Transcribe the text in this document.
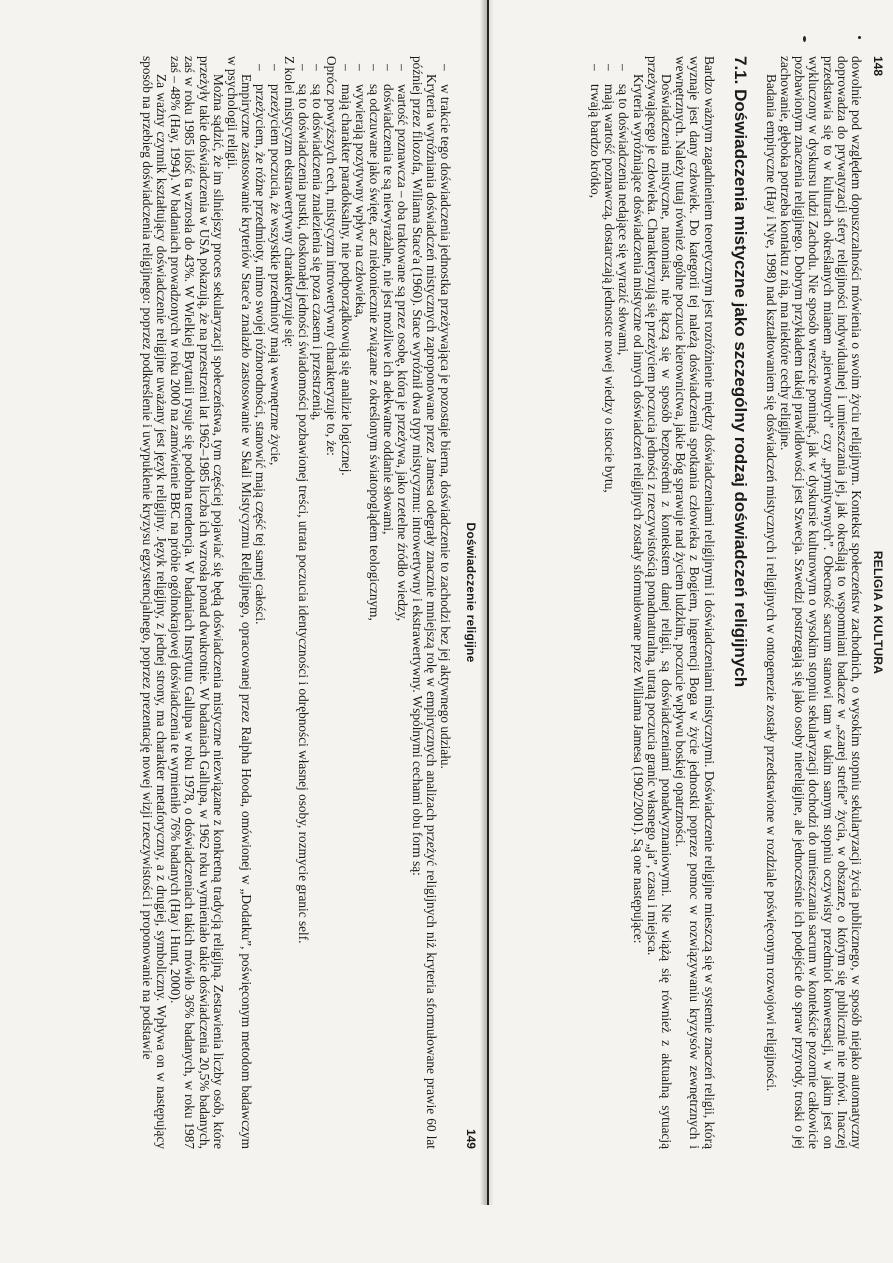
148
RELIGIA A KULTURA

dowolnie pod względem dopuszczalności mówienia o swoim życiu religijnym. Kontekst społeczeństw zachodnich, o wysokim stopniu sekularyzacji życia publicznego, w sposób niejako automatyczny doprowadza do prywatyzacji sfery religijności indywidualnej i umieszczania jej, jak określają to wspomniani badacze w „szarej strefie” życia, w obszarze, o którym się publicznie nie mówi. Inaczej przedstawia się to w kulturach określanych mianem „pierwotnych” czy „prymitywnych”. Obecność sacrum stanowi tam w takim samym stopniu oczywisty przedmiot konwersacji, w jakim jest on wykluczony w dyskursu ludzi Zachodu. Nie sposób wreszcie pominąć, jak w dyskursie kulturowym o wysokim stopniu sekularyzacji dochodzi do umieszczania sacrum w kontekście pozornie całkowicie pozbawionym znaczenia religijnego. Dobrym przykładem takiej prawidłowości jest Szwecja. Szwedzi postrzegają się jako osoby niereligijne, ale jednocześnie ich podejście do spraw przyrody, troski o jej zachowanie, głęboka potrzeba kontaktu z nią, ma niektóre cechy religijne.

Badania empiryczne (Hay i Nye, 1998) nad kształtowaniem się doświadczeń mistycznych i religijnych w ontogenezie zostały przedstawione w rozdziale poświęconym rozwojowi religijności.

7.1. Doświadczenia mistyczne jako szczególny rodzaj doświadczeń religijnych

Bardzo ważnym zagadnieniem teoretycznym jest rozróżnienie między doświadczeniami religijnymi i doświadczeniami mistycznymi. Doświadczenie religijne mieszczą się w systemie znaczeń religii, którą wyznaje jest dany człowiek. Do kategorii tej należą doświadczenia spotkania człowieka z Bogiem, ingerencji Boga w życie jednostki poprzez pomoc w rozwiązywaniu kryzysów zewnętrznych i wewnętrznych. Należy tutaj również ogólne poczucie kierownictwa, jakie Bóg sprawuje nad życiem ludzkim, poczucie wpływu boskiej opatrzności.

Doświadczenia mistyczne, natomiast, nie łączą się w sposób bezpośredni z kontekstem danej religii, są doświadczeniami ponadwyznaniowymi. Nie wiążą się również z aktualną sytuacją przeżywającego je człowieka. Charakteryzują się przeżyciem poczucia jedności z rzeczywistością ponadnaturalną, utratą poczucia granic własnego „ja”, czasu i miejsca.

Kryteria wyróżniające doświadczenia mistyczne od innych doświadczeń religijnych zostały sformułowane przez Wiliama Jamesa (1902/2001). Są one następujące:

– są to doświadczenia nedające się wyrazić słowami,
– mają wartość poznawczą, dostarczają jednostce nowej wiedzy o istocie bytu,
– trwają bardzo krótko,
Doświadczenie religijne
149
– w trakcie tego doświadczenia jednostka przeżywająca je pozostaje bierna, doświadczenie to zachodzi bez jej aktywnego udziału.

Kryteria wyróżniania doświadczeń mistycznych zaproponowane przez Jamesa odegrały znacznie mniejszą rolę w empirycznych analizach przeżyć religijnych niż kryteria sformułowane prawie 60 lat później przez filozofa, Wiliama Stace'a (1960). Stace wyróżnił dwa typy mistycyzmu: introwertywny i ekstrawertywny. Wspólnymi cechami obu form są:

– wartość poznawcza – oba traktowane są przez osobę, która je przeżywa, jako rzetelne źródło wiedzy,
– doświadczenia te są niewyrażalne, nie jest możliwe ich adekwatne oddanie słowami,
– są odczuwane jako święte, acz niekoniecznie związane z określonym światopoglądem teologicznym,
– wywierają pozytywny wpływ na człowieka,
– mają charakter paradoksalny, nie podporządkowują się analizie logicznej.

Oprócz powyższych cech, mistycyzm introwertywny charakteryzuje to, że:

– są to doświadczenia znalezienia się poza czasem i przestrzenią,
– są to doświadczenia pustki, doskonałej jedności świadomości pozbawionej treści, utrata poczucia identyczności i odrębności własnej osoby, rozmycie granic self.

Z kolei mistycyzm ekstrawertywny charakteryzuje się:

– przeżyciem poczucia, że wszystkie przedmioty mają wewnętrzne życie,
– przeżyciem, że różne przedmioty, mimo swojej różnorodności, stanowić mają część tej samej całości.

Empiryczne zastosowanie kryteriów Stace'a znalazło zastosowanie w Skali Mistycyzmu Religijnego, opracowanej przez Ralpha Hooda, omówionej w „Dodatku”, poświęconym metodom badawczym w psychologii religii.

Można sądzić, że im silniejszy proces sekularyzacji społeczeństwa, tym częściej pojawiać się będą doświadczenia mistyczne niezwiązane z konkretną tradycją religijną. Zestawienia liczby osób, które przeżyły takie doświadczenia w USA pokazują, że na przestrzeni lat 1962–1985 liczba ich wzrosła ponad dwukrotnie. W badaniach Gallupa, w 1962 roku wymieniało takie doświadczenia 20,5% badanych, zaś w roku 1985 ilość ta wzrosła do 43%. W Wielkiej Brytanii rysuje się podobna tendencja. W badaniach Instytutu Gallupa w roku 1978, o doświadczeniach takich mówiło 36% badanych, w roku 1987 zaś – 48% (Hay, 1994). W badaniach prowadzonych w roku 2000 na zamówienie BBC na próbie ogólnokrajowej doświadczenia te wymieniło 76% badanych (Hay i Hunt, 2000).

Za ważny czynnik kształtujący doświadczenie religijne uważany jest język religijny. Język religijny, z jednej strony, ma charakter metaforyczny, a z drugiej, symboliczny. Wpływa on w następujący sposób na przebieg doświadczenia religijnego: poprzez podkreślenie i uwypuklenie kryzysu egzystencjalnego, poprzez prezentację nowej wizji rzeczywistości i proponowanie na podstawie
